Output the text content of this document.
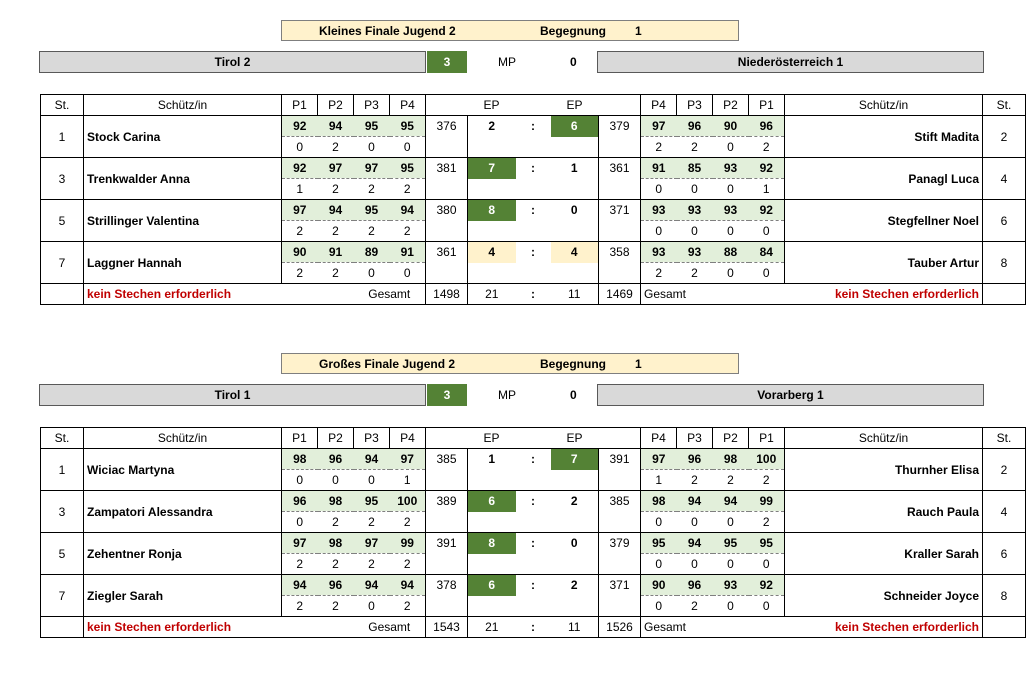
Kleines Finale Jugend 2	Begegnung 1
Tirol 2	3	MP	0	Niederösterreich 1
St.	Schütz/in	P1	P2	P3	P4		EP		EP		P4	P3	P2	P1	Schütz/in	St.
1	Stock Carina	92	94	95	95	376	2	:	6	379	97	96	90	96	Stift Madita	2
		0	2	0	0						2	2	0	2		
3	Trenkwalder Anna	92	97	97	95	381	7	:	1	361	91	85	93	92	Panagl Luca	4
		1	2	2	2						0	0	0	1		
5	Strillinger Valentina	97	94	95	94	380	8	:	0	371	93	93	93	92	Stegfellner Noel	6
		2	2	2	2						0	0	0	0		
7	Laggner Hannah	90	91	89	91	361	4	:	4	358	93	93	88	84	Tauber Artur	8
		2	2	0	0						2	2	0	0		
	kein Stechen erforderlich			Gesamt		1498	21	:	11	1469	Gesamt		kein Stechen erforderlich			
Großes Finale Jugend 2	Begegnung 1
Tirol 1	3	MP	0	Vorarberg 1
St.	Schütz/in	P1	P2	P3	P4		EP		EP		P4	P3	P2	P1	Schütz/in	St.
1	Wiciac Martyna	98	96	94	97	385	1	:	7	391	97	96	98	100	Thurnher Elisa	2
		0	0	0	1						1	2	2	2		
3	Zampatori Alessandra	96	98	95	100	389	6	:	2	385	98	94	94	99	Rauch Paula	4
		0	2	2	2						0	0	0	2		
5	Zehentner Ronja	97	98	97	99	391	8	:	0	379	95	94	95	95	Kraller Sarah	6
		2	2	2	2						0	0	0	0		
7	Ziegler Sarah	94	96	94	94	378	6	:	2	371	90	96	93	92	Schneider Joyce	8
		2	2	0	2						0	2	0	0		
	kein Stechen erforderlich			Gesamt		1543	21	:	11	1526	Gesamt		kein Stechen erforderlich			
